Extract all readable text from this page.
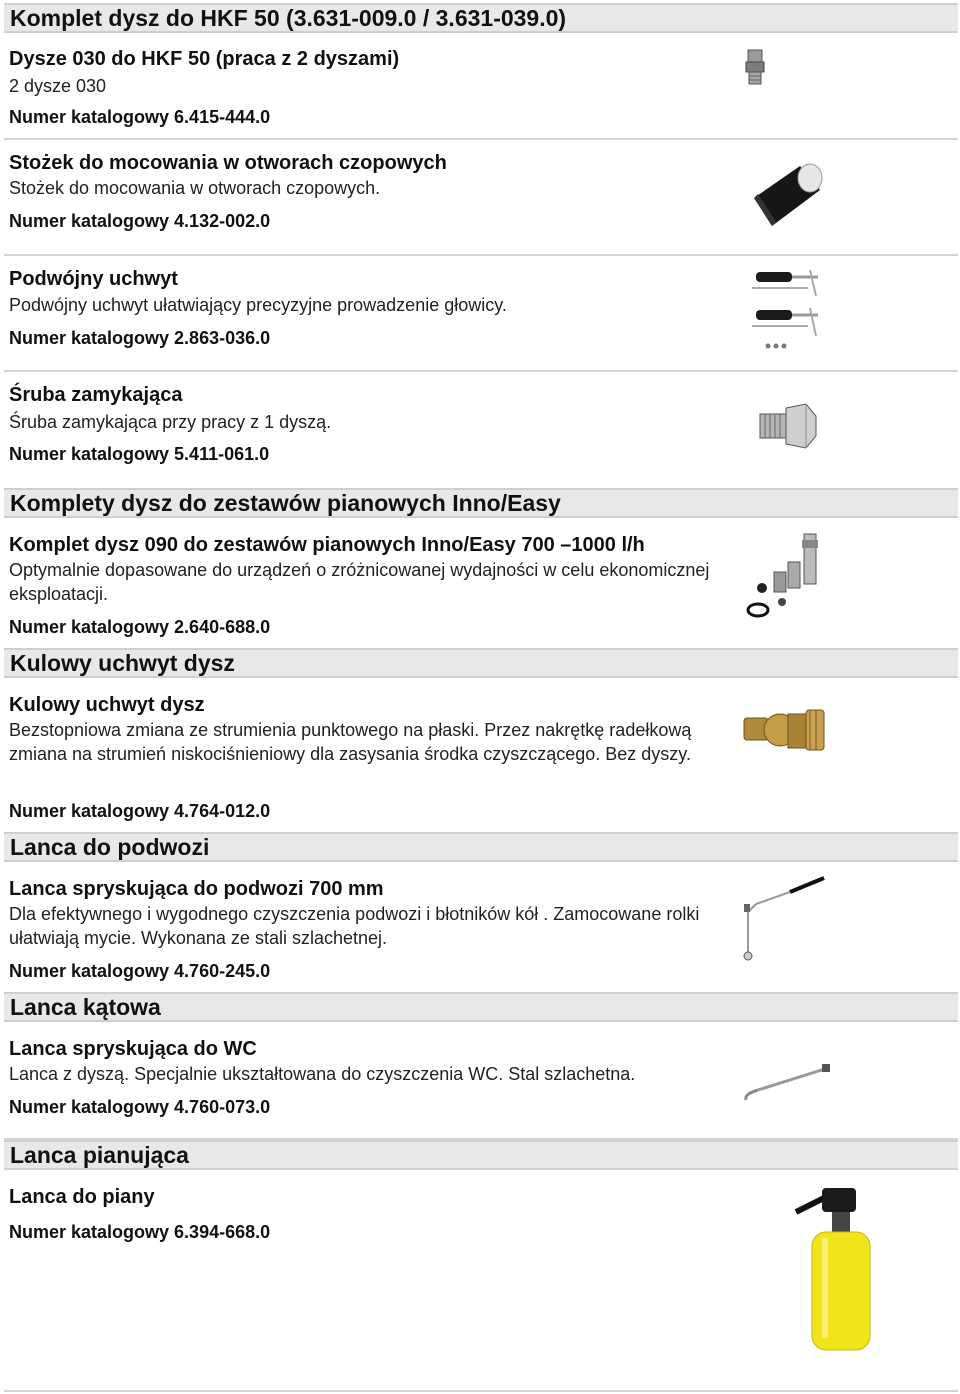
Komplet dysz do HKF 50 (3.631-009.0 / 3.631-039.0)
Dysze 030 do HKF 50 (praca z 2 dyszami)
2 dysze 030
Numer katalogowy 6.415-444.0
Stożek do mocowania w otworach czopowych
Stożek do mocowania w otworach czopowych.
Numer katalogowy 4.132-002.0
Podwójny uchwyt
Podwójny uchwyt ułatwiający precyzyjne prowadzenie głowicy.
Numer katalogowy 2.863-036.0
Śruba zamykająca
Śruba zamykająca przy pracy z 1 dyszą.
Numer katalogowy 5.411-061.0
Komplety dysz do zestawów pianowych Inno/Easy
Komplet dysz 090 do zestawów pianowych Inno/Easy 700 –1000 l/h
Optymalnie dopasowane do urządzeń o zróżnicowanej wydajności w celu ekonomicznej eksploatacji.
Numer katalogowy 2.640-688.0
Kulowy uchwyt dysz
Kulowy uchwyt dysz
Bezstopniowa zmiana ze strumienia punktowego na płaski. Przez nakrętkę radełkową zmiana na strumień niskociśnieniowy dla zasysania środka czyszczącego. Bez dyszy.
Numer katalogowy 4.764-012.0
Lanca do podwozi
Lanca spryskująca do podwozi 700 mm
Dla efektywnego i wygodnego czyszczenia podwozi i błotników kół . Zamocowane rolki ułatwiają mycie. Wykonana ze stali szlachetnej.
Numer katalogowy 4.760-245.0
Lanca kątowa
Lanca spryskująca do WC
Lanca z dyszą. Specjalnie ukształtowana do czyszczenia WC. Stal szlachetna.
Numer katalogowy 4.760-073.0
Lanca pianująca
Lanca do piany
Numer katalogowy 6.394-668.0
